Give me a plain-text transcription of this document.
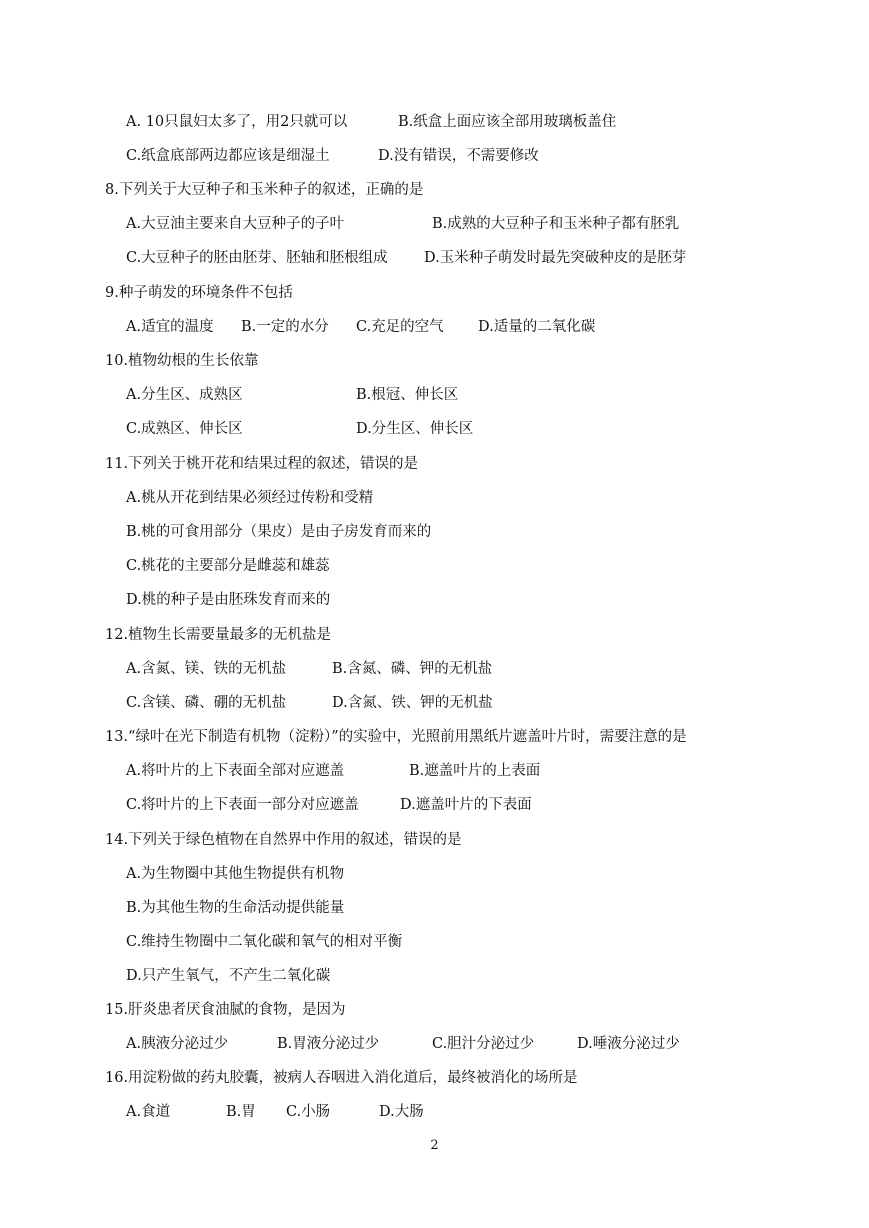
A. 10只鼠妇太多了，用2只就可以	B.纸盒上面应该全部用玻璃板盖住
C.纸盒底部两边都应该是细湿土	D.没有错误，不需要修改
8.下列关于大豆种子和玉米种子的叙述，正确的是
A.大豆油主要来自大豆种子的子叶	B.成熟的大豆种子和玉米种子都有胚乳
C.大豆种子的胚由胚芽、胚轴和胚根组成	D.玉米种子萌发时最先突破种皮的是胚芽
9.种子萌发的环境条件不包括
A.适宜的温度 B.一定的水分 C.充足的空气 D.适量的二氧化碳
10.植物幼根的生长依靠
A.分生区、成熟区	B.根冠、伸长区
C.成熟区、伸长区	D.分生区、伸长区
11.下列关于桃开花和结果过程的叙述，错误的是
A.桃从开花到结果必须经过传粉和受精
B.桃的可食用部分（果皮）是由子房发育而来的
C.桃花的主要部分是雌蕊和雄蕊
D.桃的种子是由胚珠发育而来的
12.植物生长需要量最多的无机盐是
A.含氮、镁、铁的无机盐	B.含氮、磷、钾的无机盐
C.含镁、磷、硼的无机盐	D.含氮、铁、钾的无机盐
13.“绿叶在光下制造有机物（淀粉）”的实验中，光照前用黑纸片遮盖叶片时，需要注意的是
A.将叶片的上下表面全部对应遮盖	B.遮盖叶片的上表面
C.将叶片的上下表面一部分对应遮盖	D.遮盖叶片的下表面
14.下列关于绿色植物在自然界中作用的叙述，错误的是
A.为生物圈中其他生物提供有机物
B.为其他生物的生命活动提供能量
C.维持生物圈中二氧化碳和氧气的相对平衡
D.只产生氧气，不产生二氧化碳
15.肝炎患者厌食油腻的食物，是因为
A.胰液分泌过少	B.胃液分泌过少	C.胆汁分泌过少	D.唾液分泌过少
16.用淀粉做的药丸胶囊，被病人吞咽进入消化道后，最终被消化的场所是
A.食道	B.胃 C.小肠	D.大肠
2
